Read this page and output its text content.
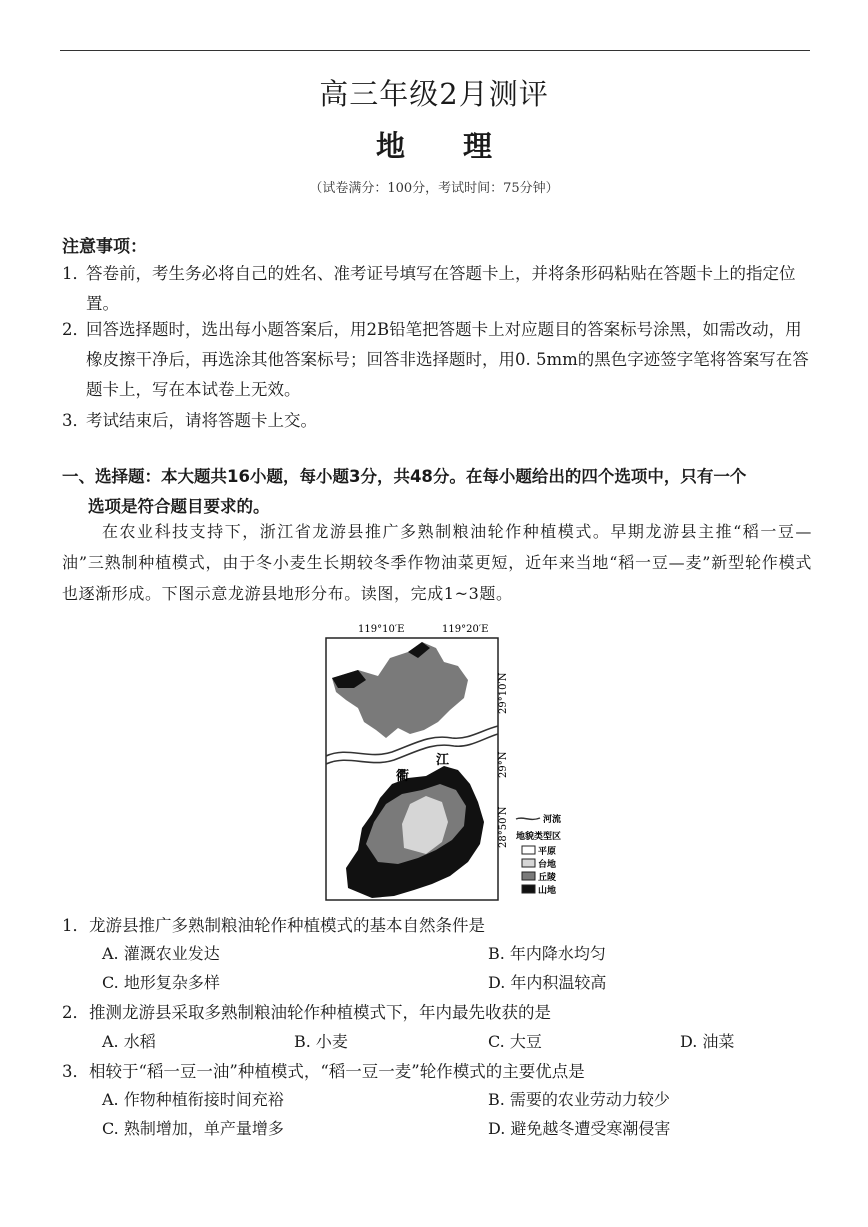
高三年级2月测评
地　　理
（试卷满分：100分，考试时间：75分钟）
注意事项：
1．
答卷前，考生务必将自己的姓名、准考证号填写在答题卡上，并将条形码粘贴在答题卡上的指定位置。
2．
回答选择题时，选出每小题答案后，用2B铅笔把答题卡上对应题目的答案标号涂黑，如需改动，用橡皮擦干净后，再选涂其他答案标号；回答非选择题时，用0. 5mm的黑色字迹签字笔将答案写在答题卡上，写在本试卷上无效。
3．
考试结束后，请将答题卡上交。
一、选择题：本大题共16小题，每小题3分，共48分。在每小题给出的四个选项中，只有一个
选项是符合题目要求的。
在农业科技支持下，浙江省龙游县推广多熟制粮油轮作种植模式。早期龙游县主推“稻一豆—油”三熟制种植模式，由于冬小麦生长期较冬季作物油菜更短，近年来当地“稻一豆—麦”新型轮作模式也逐渐形成。下图示意龙游县地形分布。读图，完成1~3题。
119°10′E	119°20′E
29°10′N
29°N
28°50′N
衢
江
河流
地貌类型区
平原
台地
丘陵
山地
1．龙游县推广多熟制粮油轮作种植模式的基本自然条件是
A. 灌溉农业发达	B. 年内降水均匀
C. 地形复杂多样	D. 年内积温较高
2．推测龙游县采取多熟制粮油轮作种植模式下，年内最先收获的是
A. 水稻	B. 小麦	C. 大豆	D. 油菜
3．相较于“稻一豆一油”种植模式，“稻一豆一麦”轮作模式的主要优点是
A. 作物种植衔接时间充裕	B. 需要的农业劳动力较少
C. 熟制增加，单产量增多	D. 避免越冬遭受寒潮侵害
